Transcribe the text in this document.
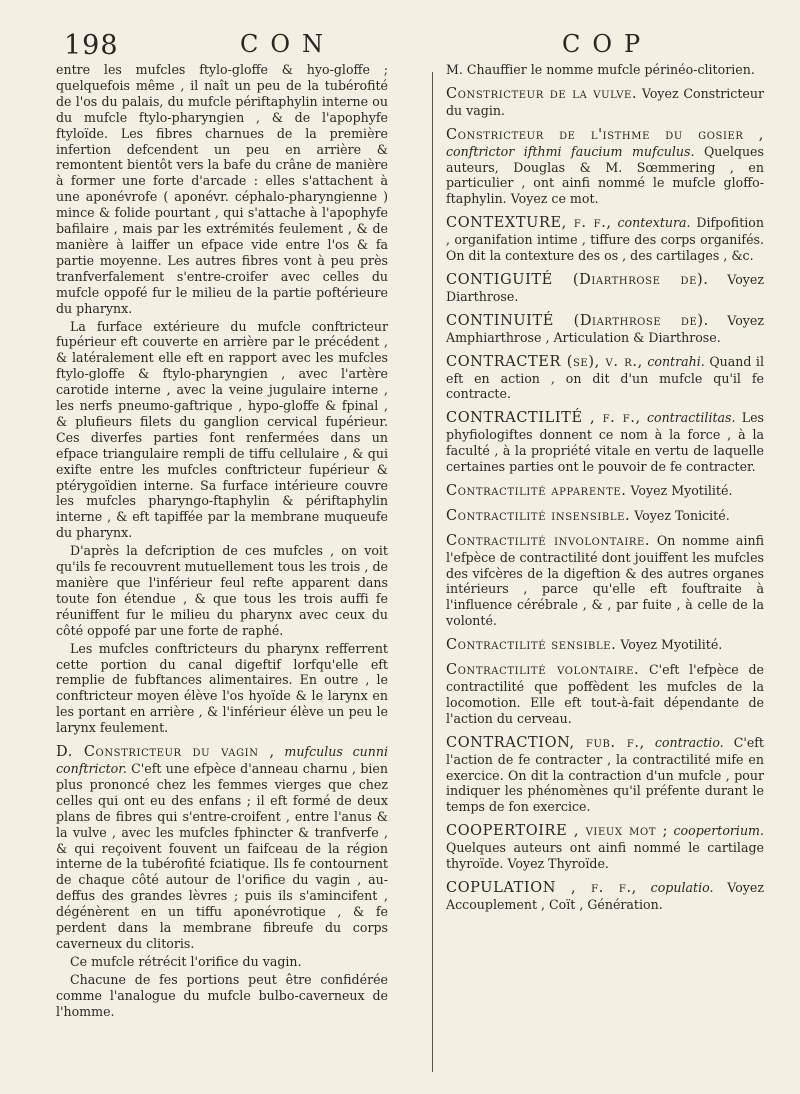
198	CON	COP

entre les mufcles ftylo-gloffe & hyo-gloffe ; quelquefois même , il naît un peu de la tubérofité de l'os du palais, du mufcle périftaphylin interne ou du mufcle ftylo-pharyngien , & de l'apophyfe ftyloïde. Les fibres charnues de la première infertion defcendent un peu en arrière & remontent bientôt vers la bafe du crâne de manière à former une forte d'arcade : elles s'attachent à une aponévrofe ( aponévr. céphalo-pharyngienne ) mince & folide pourtant , qui s'attache à l'apophyfe bafilaire , mais par les extrémités feulement , & de manière à laiffer un efpace vide entre l'os & fa partie moyenne. Les autres fibres vont à peu près tranfverfalement s'entre-croifer avec celles du mufcle oppofé fur le milieu de la partie poftérieure du pharynx.

La furface extérieure du mufcle conftricteur fupérieur eft couverte en arrière par le précédent , & latéralement elle eft en rapport avec les mufcles ftylo-gloffe & ftylo-pharyngien , avec l'artère carotide interne , avec la veine jugulaire interne , les nerfs pneumo-gaftrique , hypo-gloffe & fpinal , & plufieurs filets du ganglion cervical fupérieur. Ces diverfes parties font renfermées dans un efpace triangulaire rempli de tiffu cellulaire , & qui exifte entre les mufcles conftricteur fupérieur & ptérygoïdien interne. Sa furface intérieure couvre les mufcles pharyngo-ftaphylin & périftaphylin interne , & eft tapiffée par la membrane muqueufe du pharynx.

D'après la defcription de ces mufcles , on voit qu'ils fe recouvrent mutuellement tous les trois , de manière que l'inférieur feul refte apparent dans toute fon étendue , & que tous les trois auffi fe réuniffent fur le milieu du pharynx avec ceux du côté oppofé par une forte de raphé.

Les mufcles conftricteurs du pharynx refferrent cette portion du canal digeftif lorfqu'elle eft remplie de fubftances alimentaires. En outre , le conftricteur moyen élève l'os hyoïde & le larynx en les portant en arrière , & l'inférieur élève un peu le larynx feulement.

D. Constricteur du vagin , mufculus cunni conftrictor. C'eft une efpèce d'anneau charnu , bien plus prononcé chez les femmes vierges que chez celles qui ont eu des enfans ; il eft formé de deux plans de fibres qui s'entre-croifent , entre l'anus & la vulve , avec les mufcles fphincter & tranfverfe , & qui reçoivent fouvent un faifceau de la région interne de la tubérofité fciatique. Ils fe contournent de chaque côté autour de l'orifice du vagin , au-deffus des grandes lèvres ; puis ils s'amincifent , dégénèrent en un tiffu aponévrotique , & fe perdent dans la membrane fibreufe du corps caverneux du clitoris.

Ce mufcle rétrécit l'orifice du vagin.

Chacune de fes portions peut être confidérée comme l'analogue du mufcle bulbo-caverneux de l'homme.

M. Chauffier le nomme mufcle périnéo-clitorien.

Constricteur de la vulve. Voyez Constricteur du vagin.

Constricteur de l'isthme du gosier , conftrictor ifthmi faucium mufculus. Quelques auteurs, Douglas & M. Sœmmering , en particulier , ont ainfi nommé le mufcle gloffo-ftaphylin. Voyez ce mot.

CONTEXTURE, f. f., contextura. Difpofition , organifation intime , tiffure des corps organifés. On dit la contexture des os , des cartilages , &c.

CONTIGUITÉ (Diarthrose de). Voyez Diarthrose.

CONTINUITÉ (Diarthrose de). Voyez Amphiarthrose , Articulation & Diarthrose.

CONTRACTER (se), v. r., contrahi. Quand il eft en action , on dit d'un mufcle qu'il fe contracte.

CONTRACTILITÉ , f. f., contractilitas. Les phyfiologiftes donnent ce nom à la force , à la faculté , à la propriété vitale en vertu de laquelle certaines parties ont le pouvoir de fe contracter.

Contractilité apparente. Voyez Myotilité.

Contractilité insensible. Voyez Tonicité.

Contractilité involontaire. On nomme ainfi l'efpèce de contractilité dont jouiffent les mufcles des vifcères de la digeftion & des autres organes intérieurs , parce qu'elle eft fouftraite à l'influence cérébrale , & , par fuite , à celle de la volonté.

Contractilité sensible. Voyez Myotilité.

Contractilité volontaire. C'eft l'efpèce de contractilité que poffèdent les mufcles de la locomotion. Elle eft tout-à-fait dépendante de l'action du cerveau.

CONTRACTION, fub. f., contractio. C'eft l'action de fe contracter , la contractilité mife en exercice. On dit la contraction d'un mufcle , pour indiquer les phénomènes qu'il préfente durant le temps de fon exercice.

COOPERTOIRE , vieux mot ; coopertorium. Quelques auteurs ont ainfi nommé le cartilage thyroïde. Voyez Thyroïde.

COPULATION , f. f., copulatio. Voyez Accouplement , Coït , Génération.
